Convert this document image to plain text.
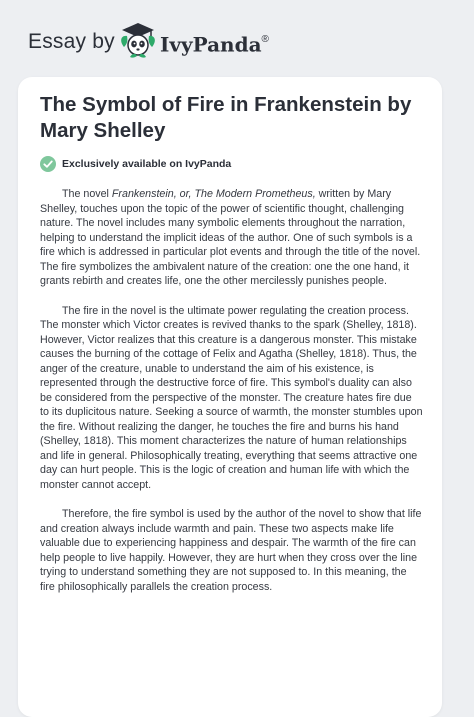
Essay by IvyPanda®
The Symbol of Fire in Frankenstein by Mary Shelley
Exclusively available on IvyPanda

The novel Frankenstein, or, The Modern Prometheus, written by Mary Shelley, touches upon the topic of the power of scientific thought, challenging nature. The novel includes many symbolic elements throughout the narration, helping to understand the implicit ideas of the author. One of such symbols is a fire which is addressed in particular plot events and through the title of the novel. The fire symbolizes the ambivalent nature of the creation: one the one hand, it grants rebirth and creates life, one the other mercilessly punishes people.

The fire in the novel is the ultimate power regulating the creation process. The monster which Victor creates is revived thanks to the spark (Shelley, 1818). However, Victor realizes that this creature is a dangerous monster. This mistake causes the burning of the cottage of Felix and Agatha (Shelley, 1818). Thus, the anger of the creature, unable to understand the aim of his existence, is represented through the destructive force of fire. This symbol's duality can also be considered from the perspective of the monster. The creature hates fire due to its duplicitous nature. Seeking a source of warmth, the monster stumbles upon the fire. Without realizing the danger, he touches the fire and burns his hand (Shelley, 1818). This moment characterizes the nature of human relationships and life in general. Philosophically treating, everything that seems attractive one day can hurt people. This is the logic of creation and human life with which the monster cannot accept.

Therefore, the fire symbol is used by the author of the novel to show that life and creation always include warmth and pain. These two aspects make life valuable due to experiencing happiness and despair. The warmth of the fire can help people to live happily. However, they are hurt when they cross over the line trying to understand something they are not supposed to. In this meaning, the fire philosophically parallels the creation process.
